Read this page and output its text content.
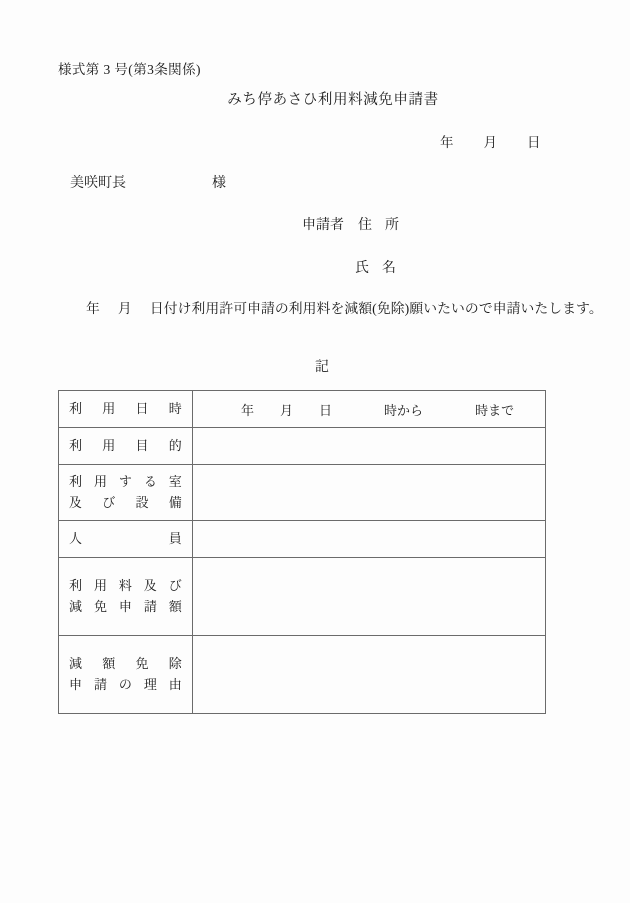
様式第 3 号(第3条関係)
みち停あさひ利用料減免申請書
年 月 日
美咲町長	様
申請者 住 所
氏 名
年 月 日付け利用許可申請の利用料を減額(免除)願いたいので申請いたします。
記
利用日時	年 月 日 時から 時まで

利用目的	

利用する室
及び設備	

人員	

利用料及び
減免申請額	

減額免除
申請の理由	
